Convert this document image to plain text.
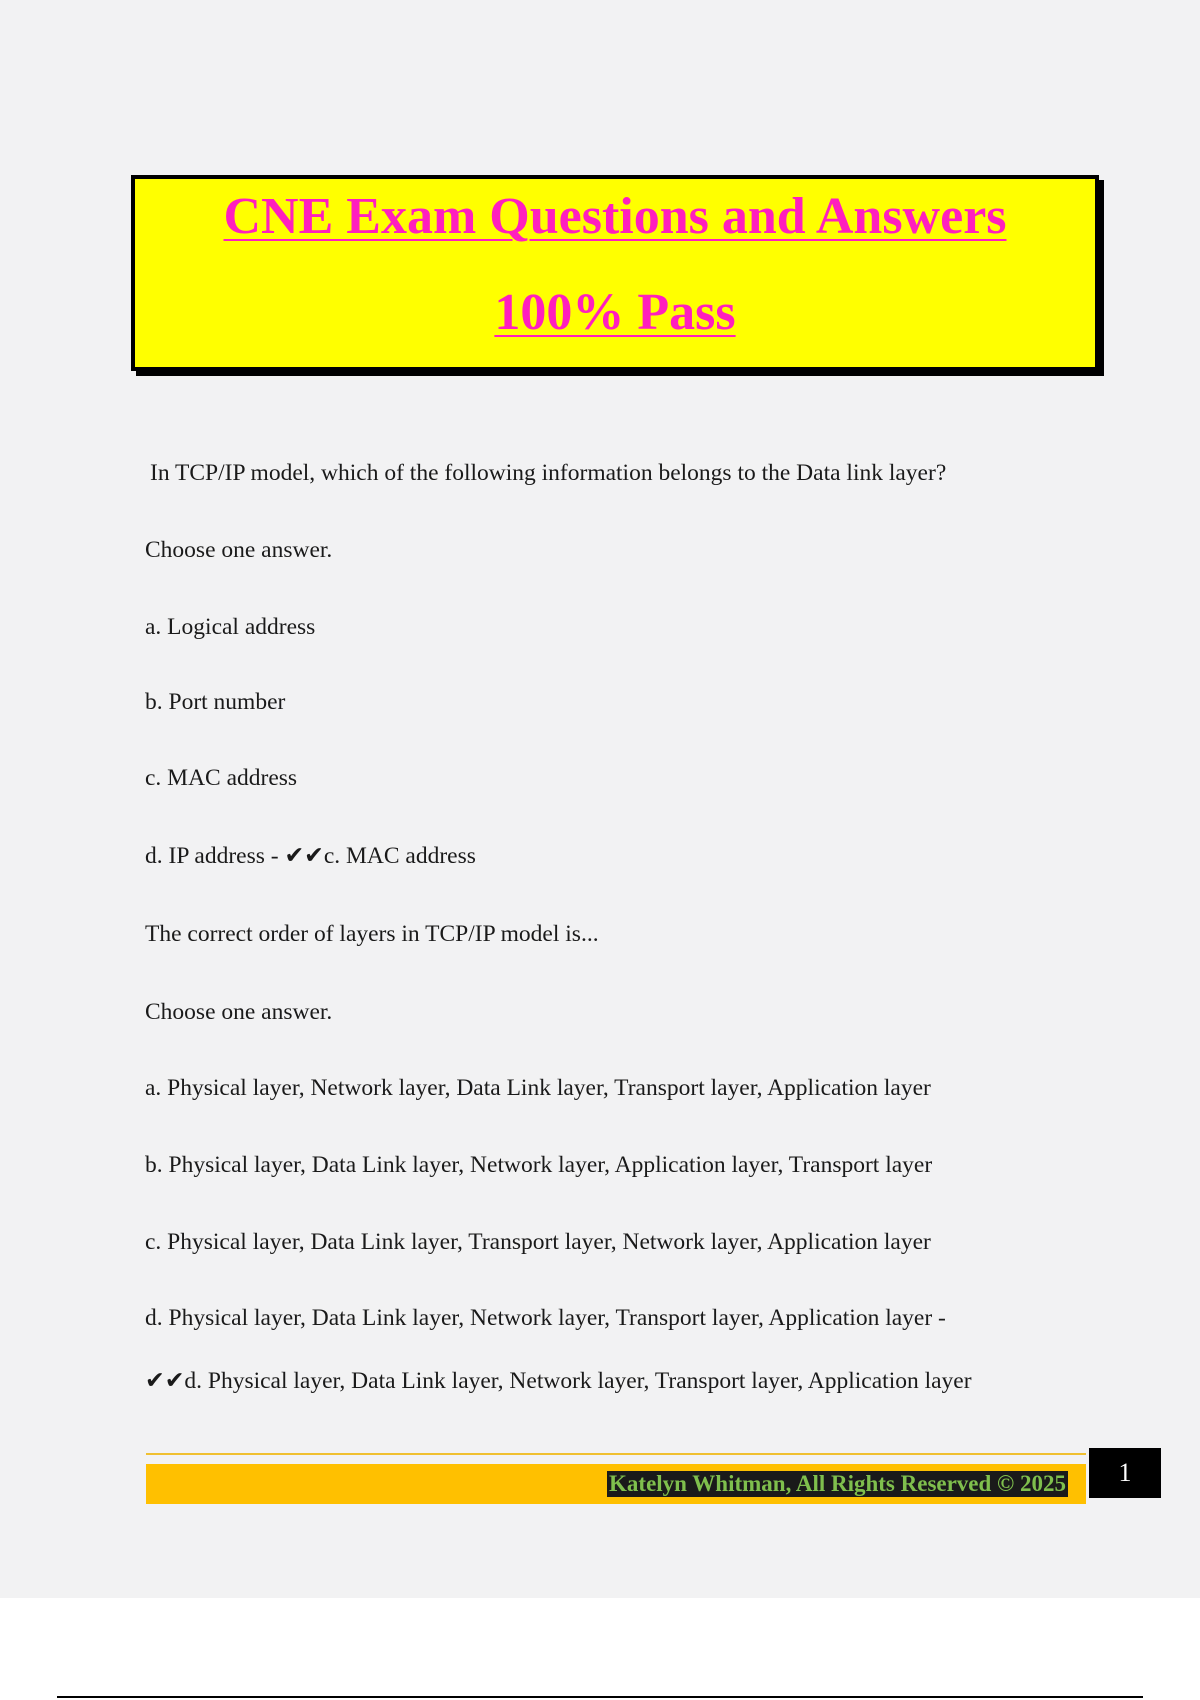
CNE Exam Questions and Answers
100% Pass
In TCP/IP model, which of the following information belongs to the Data link layer?
Choose one answer.
a. Logical address
b. Port number
c. MAC address
d. IP address - ✔✔c. MAC address
The correct order of layers in TCP/IP model is...
Choose one answer.
a. Physical layer, Network layer, Data Link layer, Transport layer, Application layer
b. Physical layer, Data Link layer, Network layer, Application layer, Transport layer
c. Physical layer, Data Link layer, Transport layer, Network layer, Application layer
d. Physical layer, Data Link layer, Network layer, Transport layer, Application layer -
✔✔d. Physical layer, Data Link layer, Network layer, Transport layer, Application layer
Katelyn Whitman, All Rights Reserved © 2025	1
